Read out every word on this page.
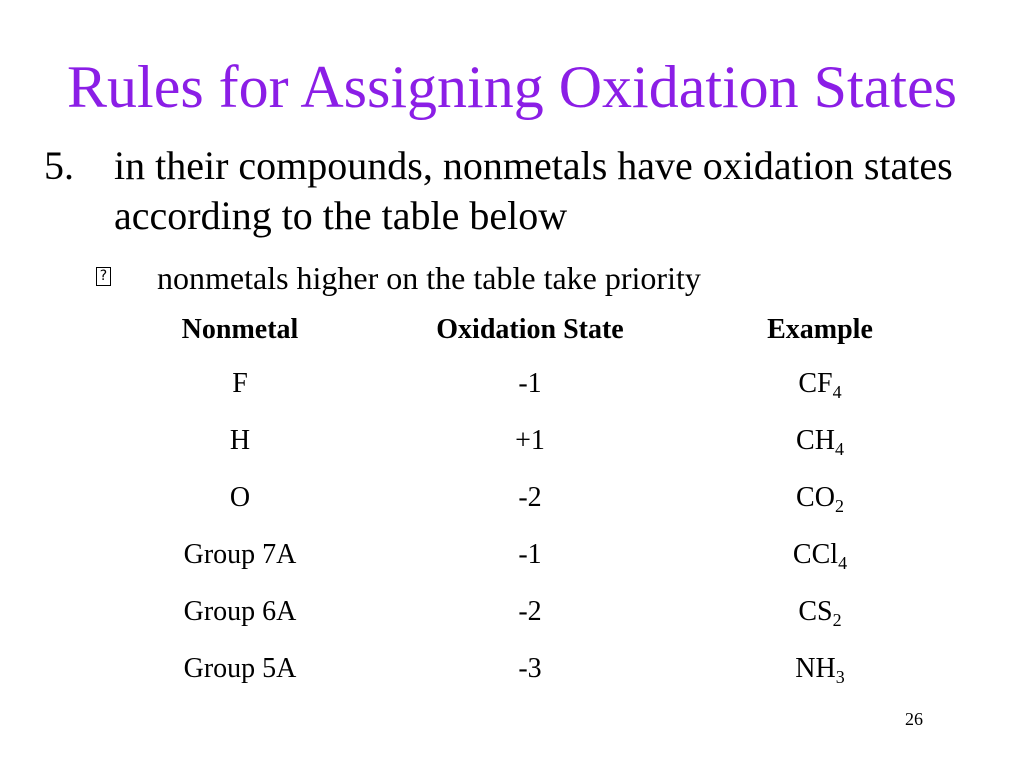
Rules for Assigning Oxidation States
5. in their compounds, nonmetals have oxidation states according to the table below
? nonmetals higher on the table take priority
Nonmetal	Oxidation State	Example
F	-1	$CF_4$
H	+1	$CH_4$
O	-2	$CO_2$
Group 7A	-1	CCl$_4$
Group 6A	-2	$CS_2$
Group 5A	-3	$NH_3$
26
